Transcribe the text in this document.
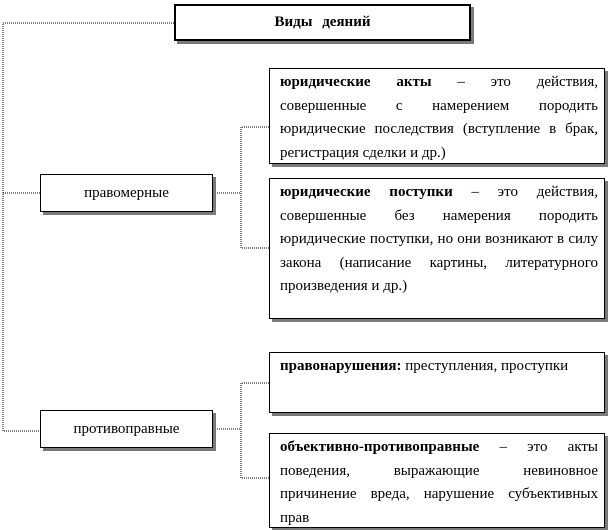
Виды деяний
правомерные
противоправные
юридические акты – это действия, совершенные с намерением породить юридические последствия (вступление в брак, регистрация сделки и др.)
юридические поступки – это действия, совершенные без намерения породить юридические поступки, но они возникают в силу закона (написание картины, литературного произведения и др.)
правонарушения: преступления, проступки
объективно-противоправные – это акты поведения, выражающие невиновное причинение вреда, нарушение субъективных прав
